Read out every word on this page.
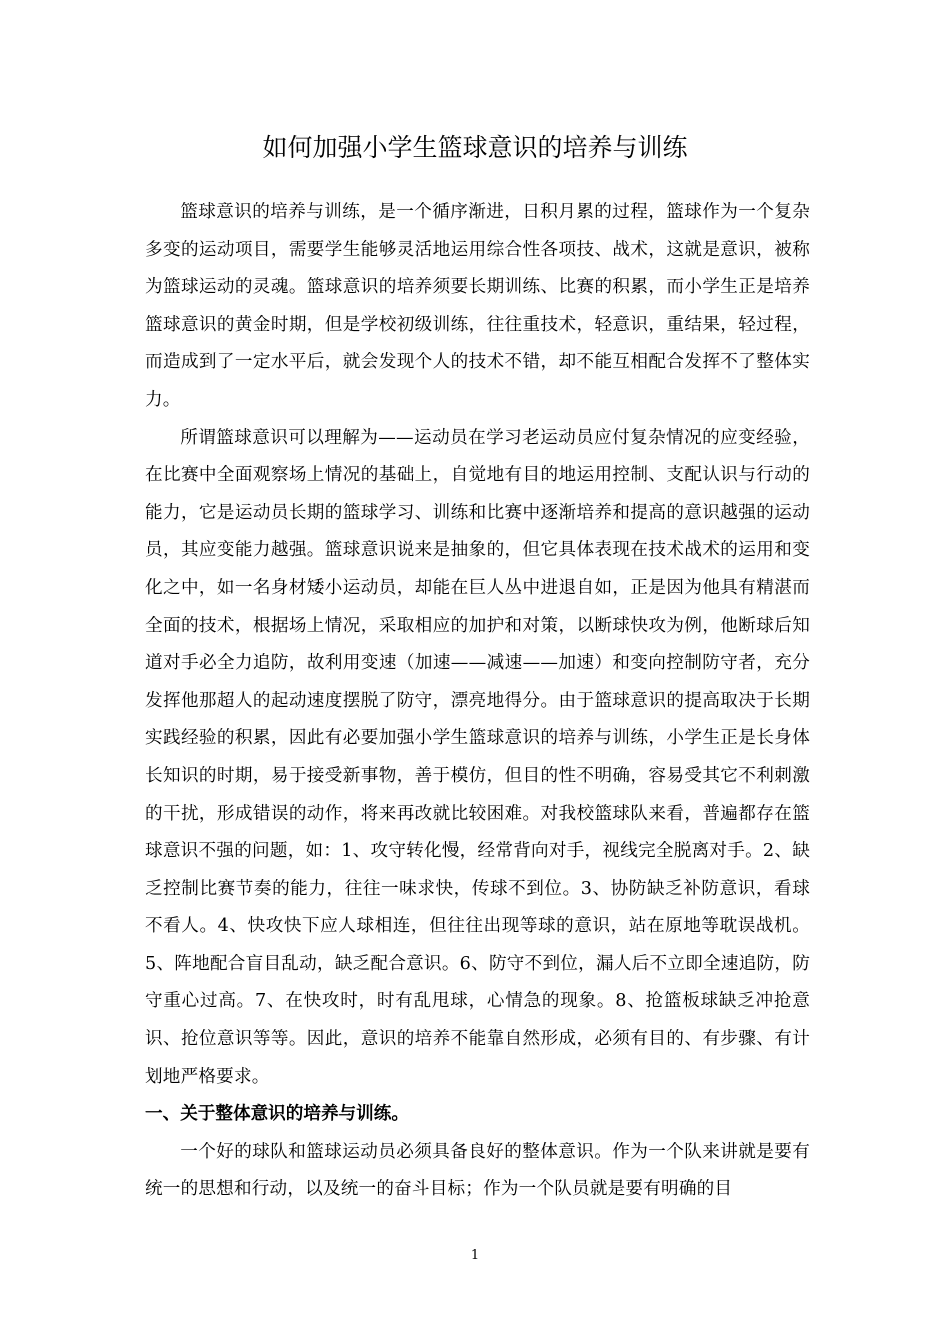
如何加强小学生篮球意识的培养与训练

篮球意识的培养与训练，是一个循序渐进，日积月累的过程，篮球作为一个复杂多变的运动项目，需要学生能够灵活地运用综合性各项技、战术，这就是意识，被称为篮球运动的灵魂。篮球意识的培养须要长期训练、比赛的积累，而小学生正是培养篮球意识的黄金时期，但是学校初级训练，往往重技术，轻意识，重结果，轻过程，而造成到了一定水平后，就会发现个人的技术不错，却不能互相配合发挥不了整体实力。

所谓篮球意识可以理解为——运动员在学习老运动员应付复杂情况的应变经验，在比赛中全面观察场上情况的基础上，自觉地有目的地运用控制、支配认识与行动的能力，它是运动员长期的篮球学习、训练和比赛中逐渐培养和提高的意识越强的运动员，其应变能力越强。篮球意识说来是抽象的，但它具体表现在技术战术的运用和变化之中，如一名身材矮小运动员，却能在巨人丛中进退自如，正是因为他具有精湛而全面的技术，根据场上情况，采取相应的加护和对策，以断球快攻为例，他断球后知道对手必全力追防，故利用变速（加速——减速——加速）和变向控制防守者，充分发挥他那超人的起动速度摆脱了防守，漂亮地得分。由于篮球意识的提高取决于长期实践经验的积累，因此有必要加强小学生篮球意识的培养与训练，小学生正是长身体长知识的时期，易于接受新事物，善于模仿，但目的性不明确，容易受其它不利刺激的干扰，形成错误的动作，将来再改就比较困难。对我校篮球队来看，普遍都存在篮球意识不强的问题，如：1、攻守转化慢，经常背向对手，视线完全脱离对手。2、缺乏控制比赛节奏的能力，往往一味求快，传球不到位。3、协防缺乏补防意识，看球不看人。4、快攻快下应人球相连，但往往出现等球的意识，站在原地等耽误战机。5、阵地配合盲目乱动，缺乏配合意识。6、防守不到位，漏人后不立即全速追防，防守重心过高。7、在快攻时，时有乱甩球，心情急的现象。8、抢篮板球缺乏冲抢意识、抢位意识等等。因此，意识的培养不能靠自然形成，必须有目的、有步骤、有计划地严格要求。

一、关于整体意识的培养与训练。

一个好的球队和篮球运动员必须具备良好的整体意识。作为一个队来讲就是要有统一的思想和行动，以及统一的奋斗目标；作为一个队员就是要有明确的目

1
